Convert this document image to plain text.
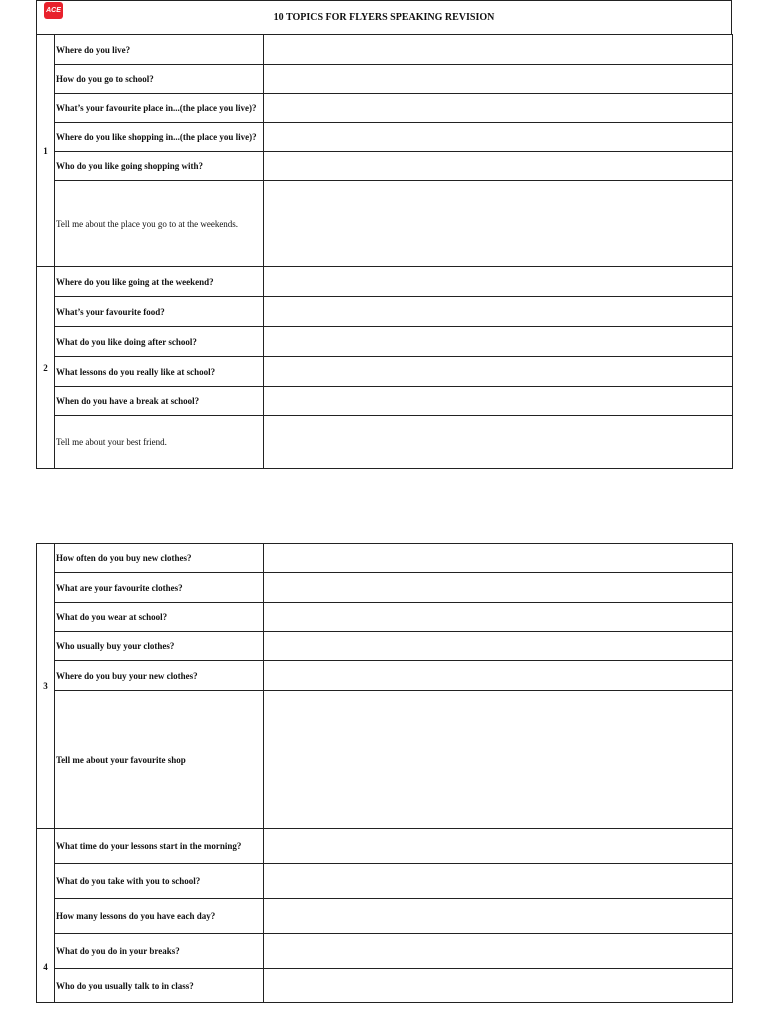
ACE
10 TOPICS FOR FLYERS SPEAKING REVISION
1	Where do you live?	
	How do you go to school?	
	What’s your favourite place in...(the place you live)?	
	Where do you like shopping in...(the place you live)?	
	Who do you like going shopping with?	
	Tell me about the place you go to at the weekends.	
2	Where do you like going at the weekend?	
	What’s your favourite food?	
	What do you like doing after school?	
	What lessons do you really like at school?	
	When do you have a break at school?	
	Tell me about your best friend.	
3	How often do you buy new clothes?	
	What are your favourite clothes?	
	What do you wear at school?	
	Who usually buy your clothes?	
	Where do you buy your new clothes?	
	Tell me about your favourite shop	
4	What time do your lessons start in the morning?	
	What do you take with you to school?	
	How many lessons do you have each day?	
	What do you do in your breaks?	
	Who do you usually talk to in class?	
